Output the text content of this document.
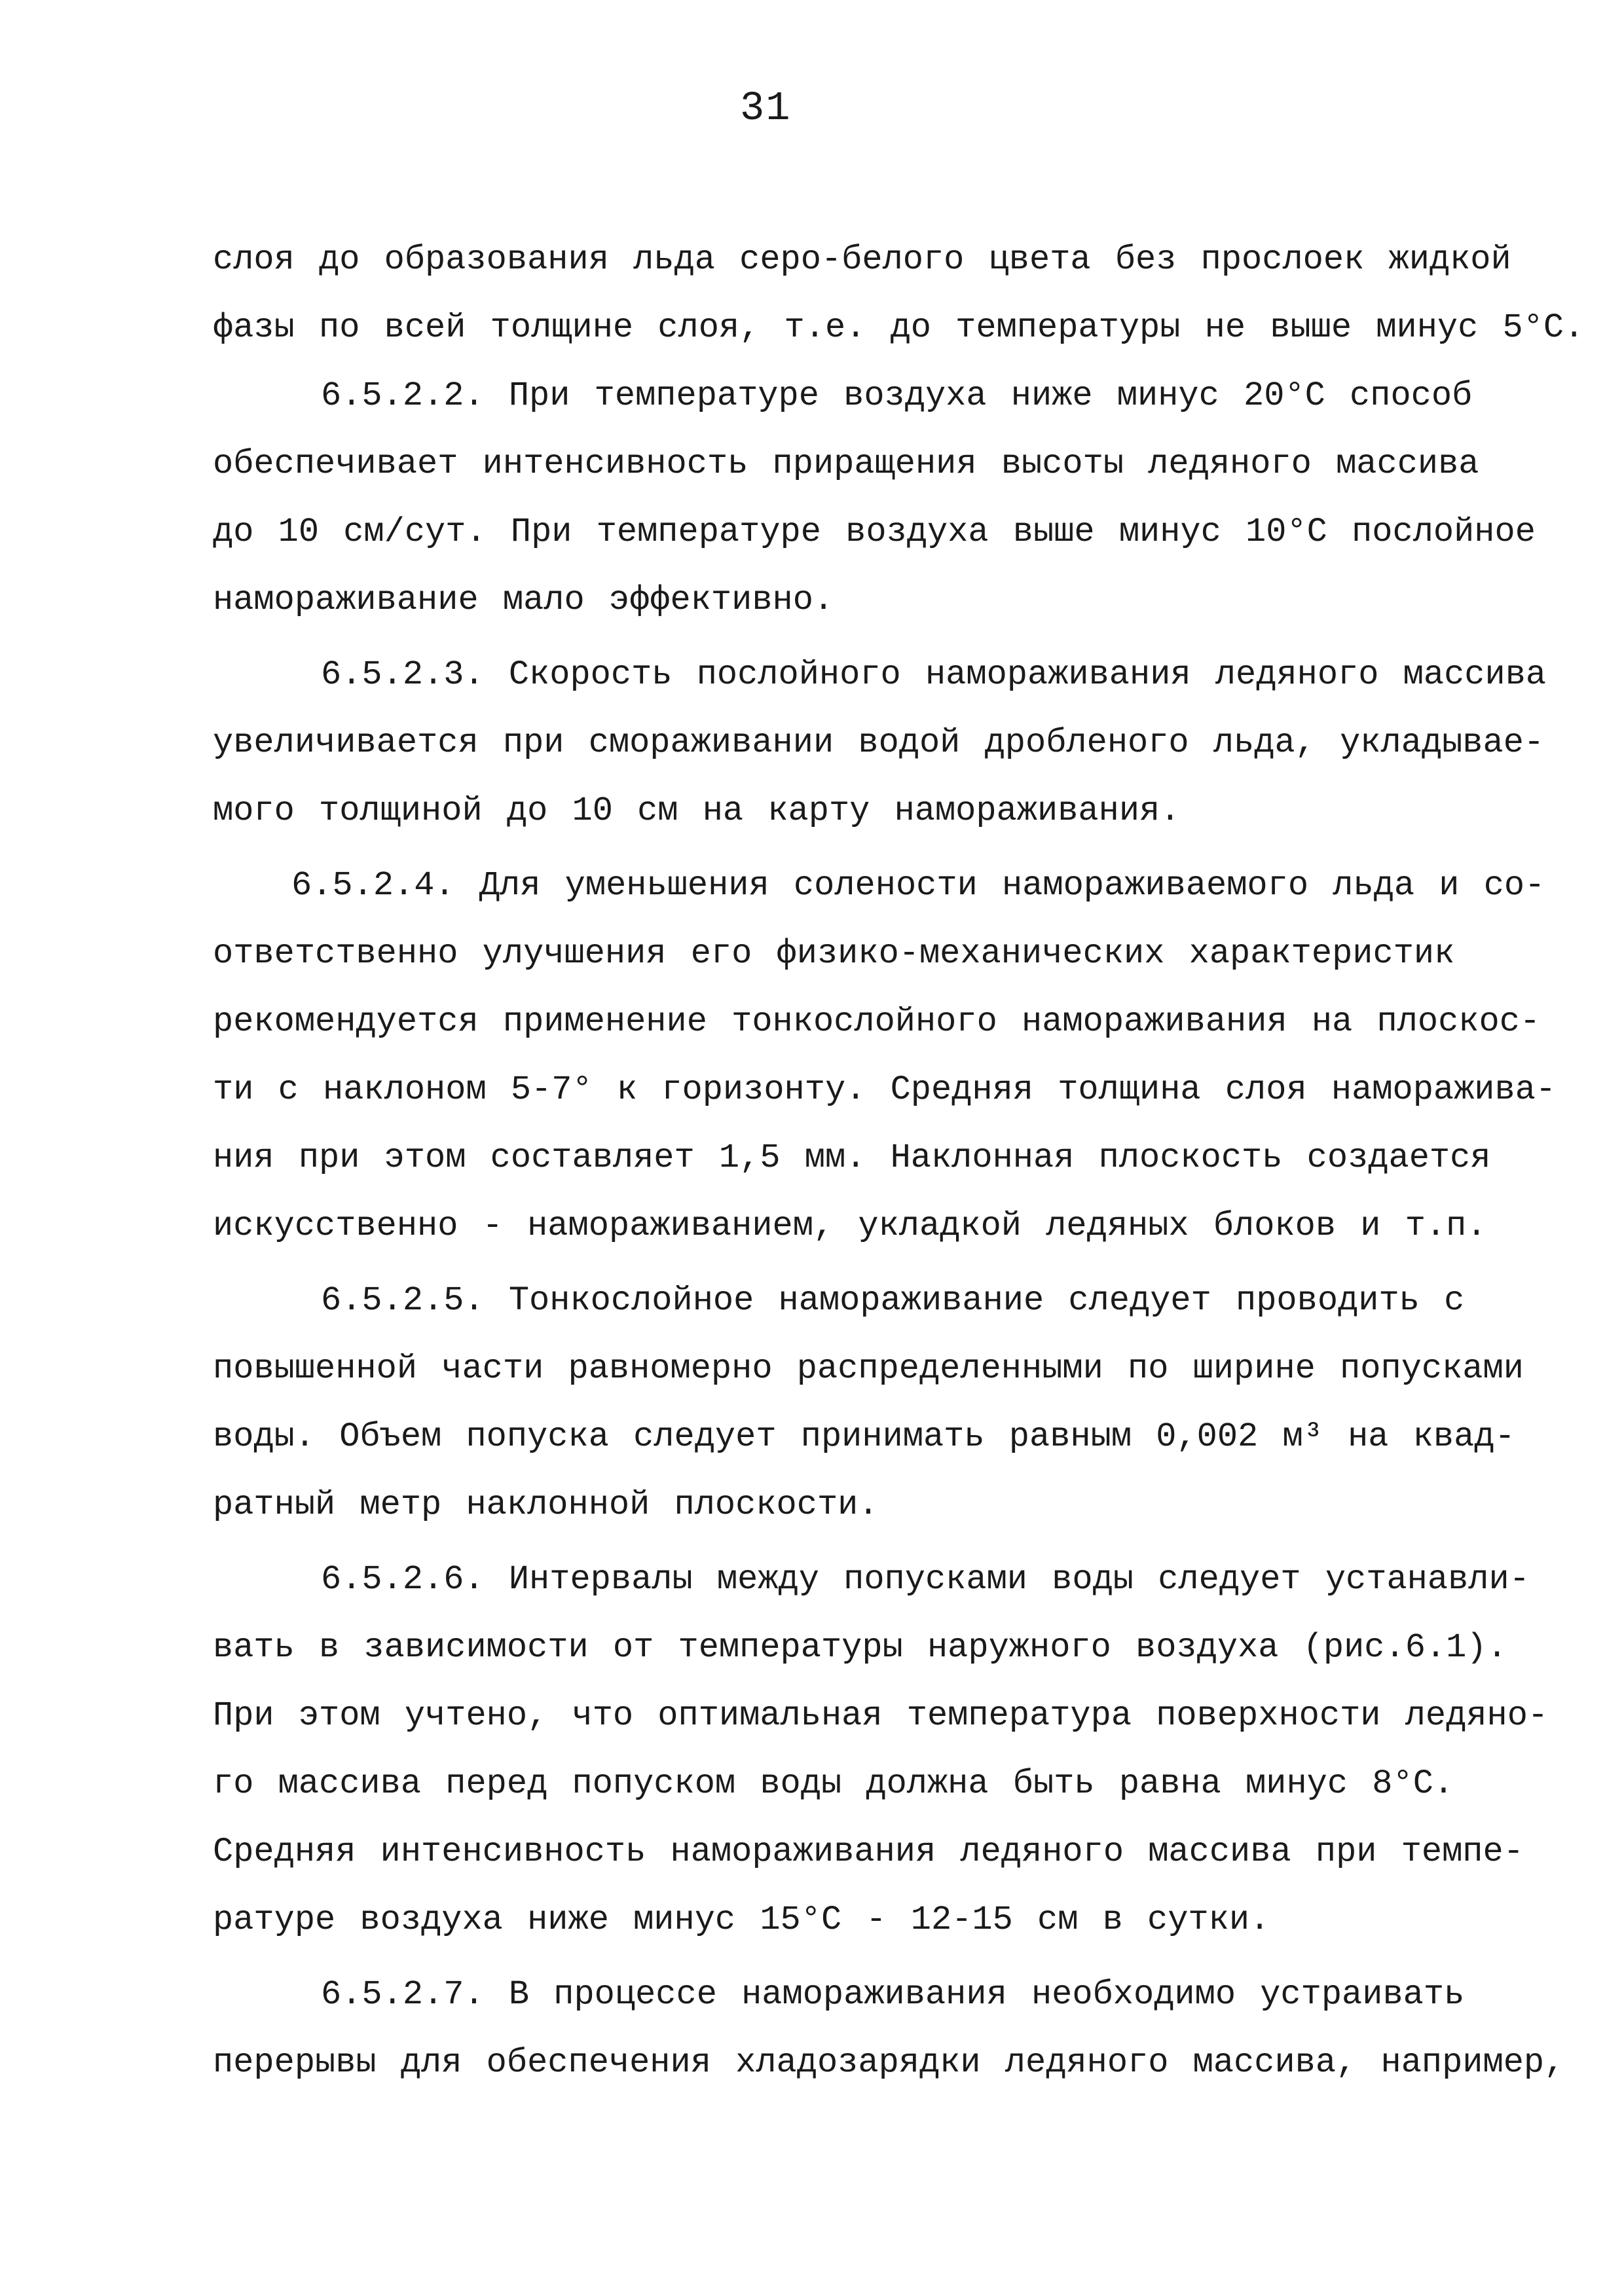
31
слоя до образования льда серо-белого цвета без прослоек жидкой
фазы по всей толщине слоя, т.е. до температуры не выше минус 5°С.
6.5.2.2. При температуре воздуха ниже минус 20°С способ
обеспечивает интенсивность приращения высоты ледяного массива
до 10 см/сут. При температуре воздуха выше минус 10°С послойное
намораживание мало эффективно.
6.5.2.3. Скорость послойного намораживания ледяного массива
увеличивается при смораживании водой дробленого льда, укладывае-
мого толщиной до 10 см на карту намораживания.
6.5.2.4. Для уменьшения солености намораживаемого льда и со-
ответственно улучшения его физико-механических характеристик
рекомендуется применение тонкослойного намораживания на плоскос-
ти с наклоном 5-7° к горизонту. Средняя толщина слоя наморажива-
ния при этом составляет 1,5 мм. Наклонная плоскость создается
искусственно - намораживанием, укладкой ледяных блоков и т.п.
6.5.2.5. Тонкослойное намораживание следует проводить с
повышенной части равномерно распределенными по ширине попусками
воды. Объем попуска следует принимать равным 0,002 м³ на квад-
ратный метр наклонной плоскости.
6.5.2.6. Интервалы между попусками воды следует устанавли-
вать в зависимости от температуры наружного воздуха (рис.6.1).
При этом учтено, что оптимальная температура поверхности ледяно-
го массива перед попуском воды должна быть равна минус 8°С.
Средняя интенсивность намораживания ледяного массива при темпе-
ратуре воздуха ниже минус 15°С - 12-15 см в сутки.
6.5.2.7. В процессе намораживания необходимо устраивать
перерывы для обеспечения хладозарядки ледяного массива, например,
